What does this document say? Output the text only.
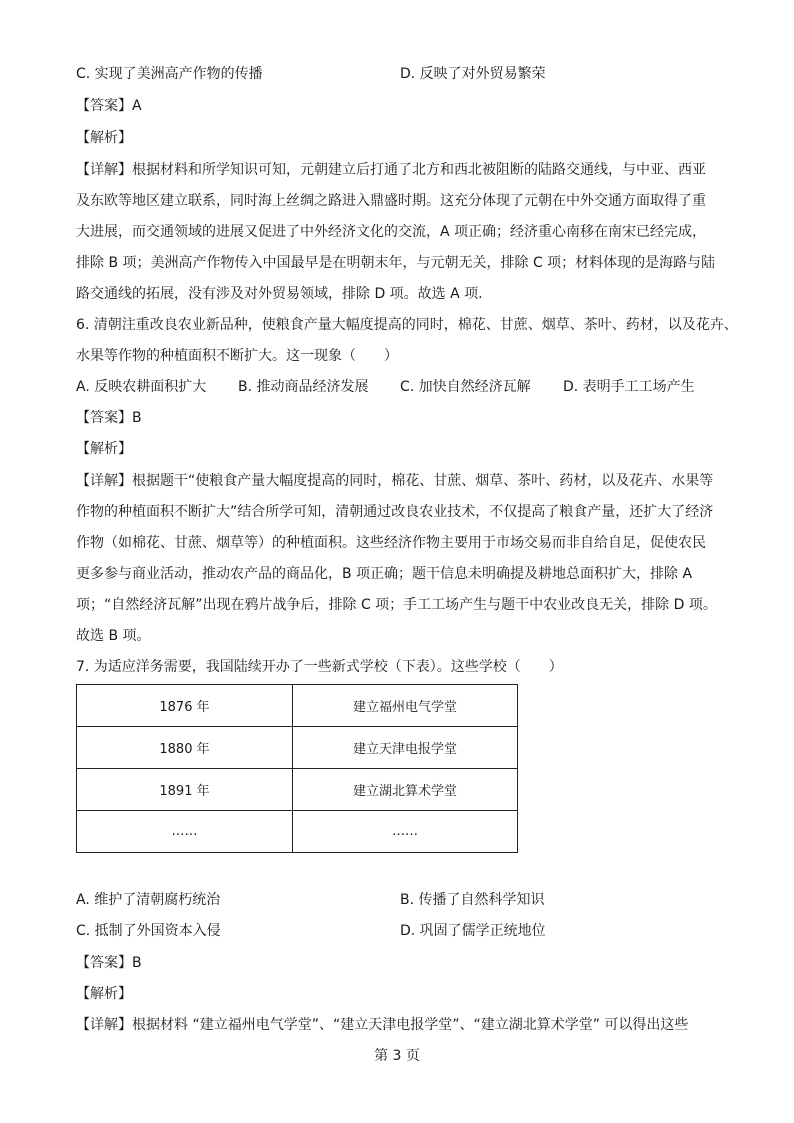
C. 实现了美洲高产作物的传播	D. 反映了对外贸易繁荣
【答案】A
【解析】
【详解】根据材料和所学知识可知，元朝建立后打通了北方和西北被阻断的陆路交通线，与中亚、西亚
及东欧等地区建立联系，同时海上丝绸之路进入鼎盛时期。这充分体现了元朝在中外交通方面取得了重
大进展，而交通领域的进展又促进了中外经济文化的交流，A 项正确；经济重心南移在南宋已经完成，
排除 B 项；美洲高产作物传入中国最早是在明朝末年，与元朝无关，排除 C 项；材料体现的是海路与陆
路交通线的拓展，没有涉及对外贸易领域，排除 D 项。故选 A 项.
6. 清朝注重改良农业新品种，使粮食产量大幅度提高的同时，棉花、甘蔗、烟草、茶叶、药材，以及花卉、
水果等作物的种植面积不断扩大。这一现象（　　）
A. 反映农耕面积扩大 B. 推动商品经济发展 C. 加快自然经济瓦解 D. 表明手工工场产生
【答案】B
【解析】
【详解】根据题干“使粮食产量大幅度提高的同时，棉花、甘蔗、烟草、茶叶、药材，以及花卉、水果等
作物的种植面积不断扩大”结合所学可知，清朝通过改良农业技术，不仅提高了粮食产量，还扩大了经济
作物（如棉花、甘蔗、烟草等）的种植面积。这些经济作物主要用于市场交易而非自给自足，促使农民
更多参与商业活动，推动农产品的商品化，B 项正确；题干信息未明确提及耕地总面积扩大，排除 A
项；“自然经济瓦解”出现在鸦片战争后，排除 C 项；手工工场产生与题干中农业改良无关，排除 D 项。
故选 B 项。
7. 为适应洋务需要，我国陆续开办了一些新式学校（下表）。这些学校（　　）
1876 年	建立福州电气学堂
1880 年	建立天津电报学堂
1891 年	建立湖北算术学堂
……	……
A. 维护了清朝腐朽统治	B. 传播了自然科学知识
C. 抵制了外国资本入侵	D. 巩固了儒学正统地位
【答案】B
【解析】
【详解】根据材料 “建立福州电气学堂”、“建立天津电报学堂”、“建立湖北算术学堂” 可以得出这些
第 3 页
